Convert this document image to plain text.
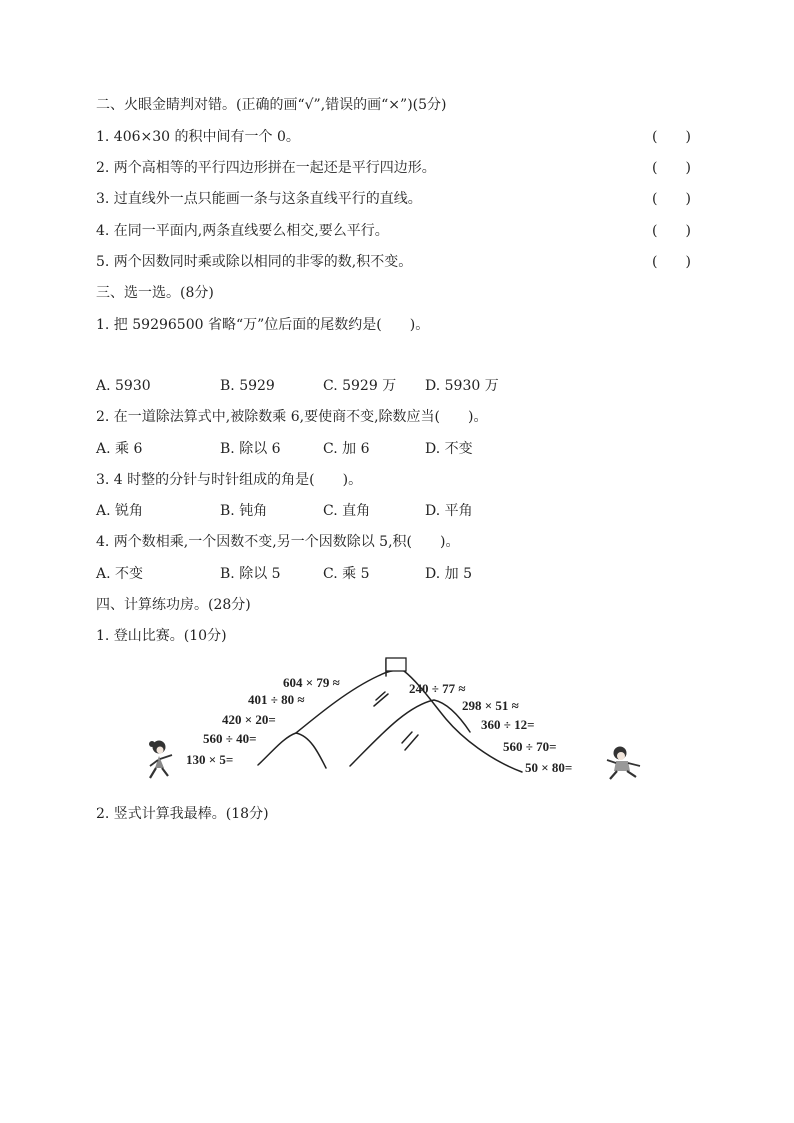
二、火眼金睛判对错。(正确的画“√”,错误的画“×”)(5分)
1. 406×30 的积中间有一个 0。	(　　)
2. 两个高相等的平行四边形拼在一起还是平行四边形。	(　　)
3. 过直线外一点只能画一条与这条直线平行的直线。	(　　)
4. 在同一平面内,两条直线要么相交,要么平行。	(　　)
5. 两个因数同时乘或除以相同的非零的数,积不变。	(　　)
三、选一选。(8分)
1. 把 59296500 省略“万”位后面的尾数约是(　　)。
A. 5930	B. 5929	C. 5929 万 D. 5930 万
2. 在一道除法算式中,被除数乘 6,要使商不变,除数应当(　　)。
A. 乘 6	B. 除以 6	C. 加 6	D. 不变
3. 4 时整的分针与时针组成的角是(　　)。
A. 锐角	B. 钝角	C. 直角	D. 平角
4. 两个数相乘,一个因数不变,另一个因数除以 5,积(　　)。
A. 不变	B. 除以 5	C. 乘 5	D. 加 5
四、计算练功房。(28分)
1. 登山比赛。(10分)
604 × 79 ≈
401 ÷ 80 ≈
420 × 20=
560 ÷ 40=
130 × 5=
240 ÷ 77 ≈
298 × 51 ≈
360 ÷ 12=
560 ÷ 70=
50 × 80=
2. 竖式计算我最棒。(18分)
